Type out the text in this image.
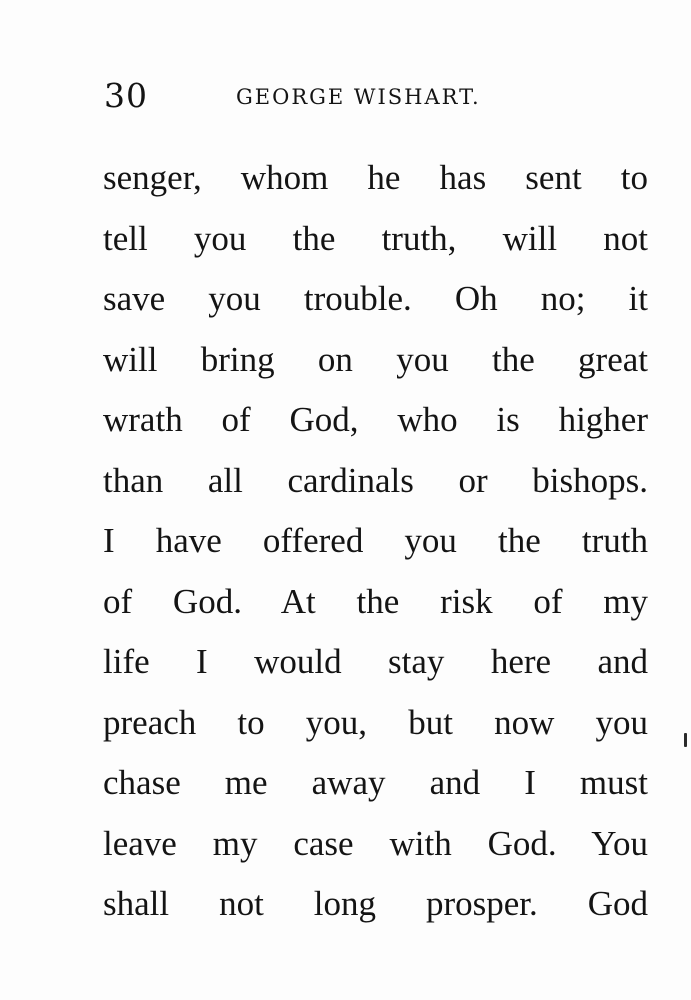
30	GEORGE WISHART.
senger, whom he has sent to
tell you the truth, will not
save you trouble. Oh no; it
will bring on you the great
wrath of God, who is higher
than all cardinals or bishops.
I have offered you the truth
of God. At the risk of my
life I would stay here and
preach to you, but now you
chase me away and I must
leave my case with God. You
shall not long prosper. God
